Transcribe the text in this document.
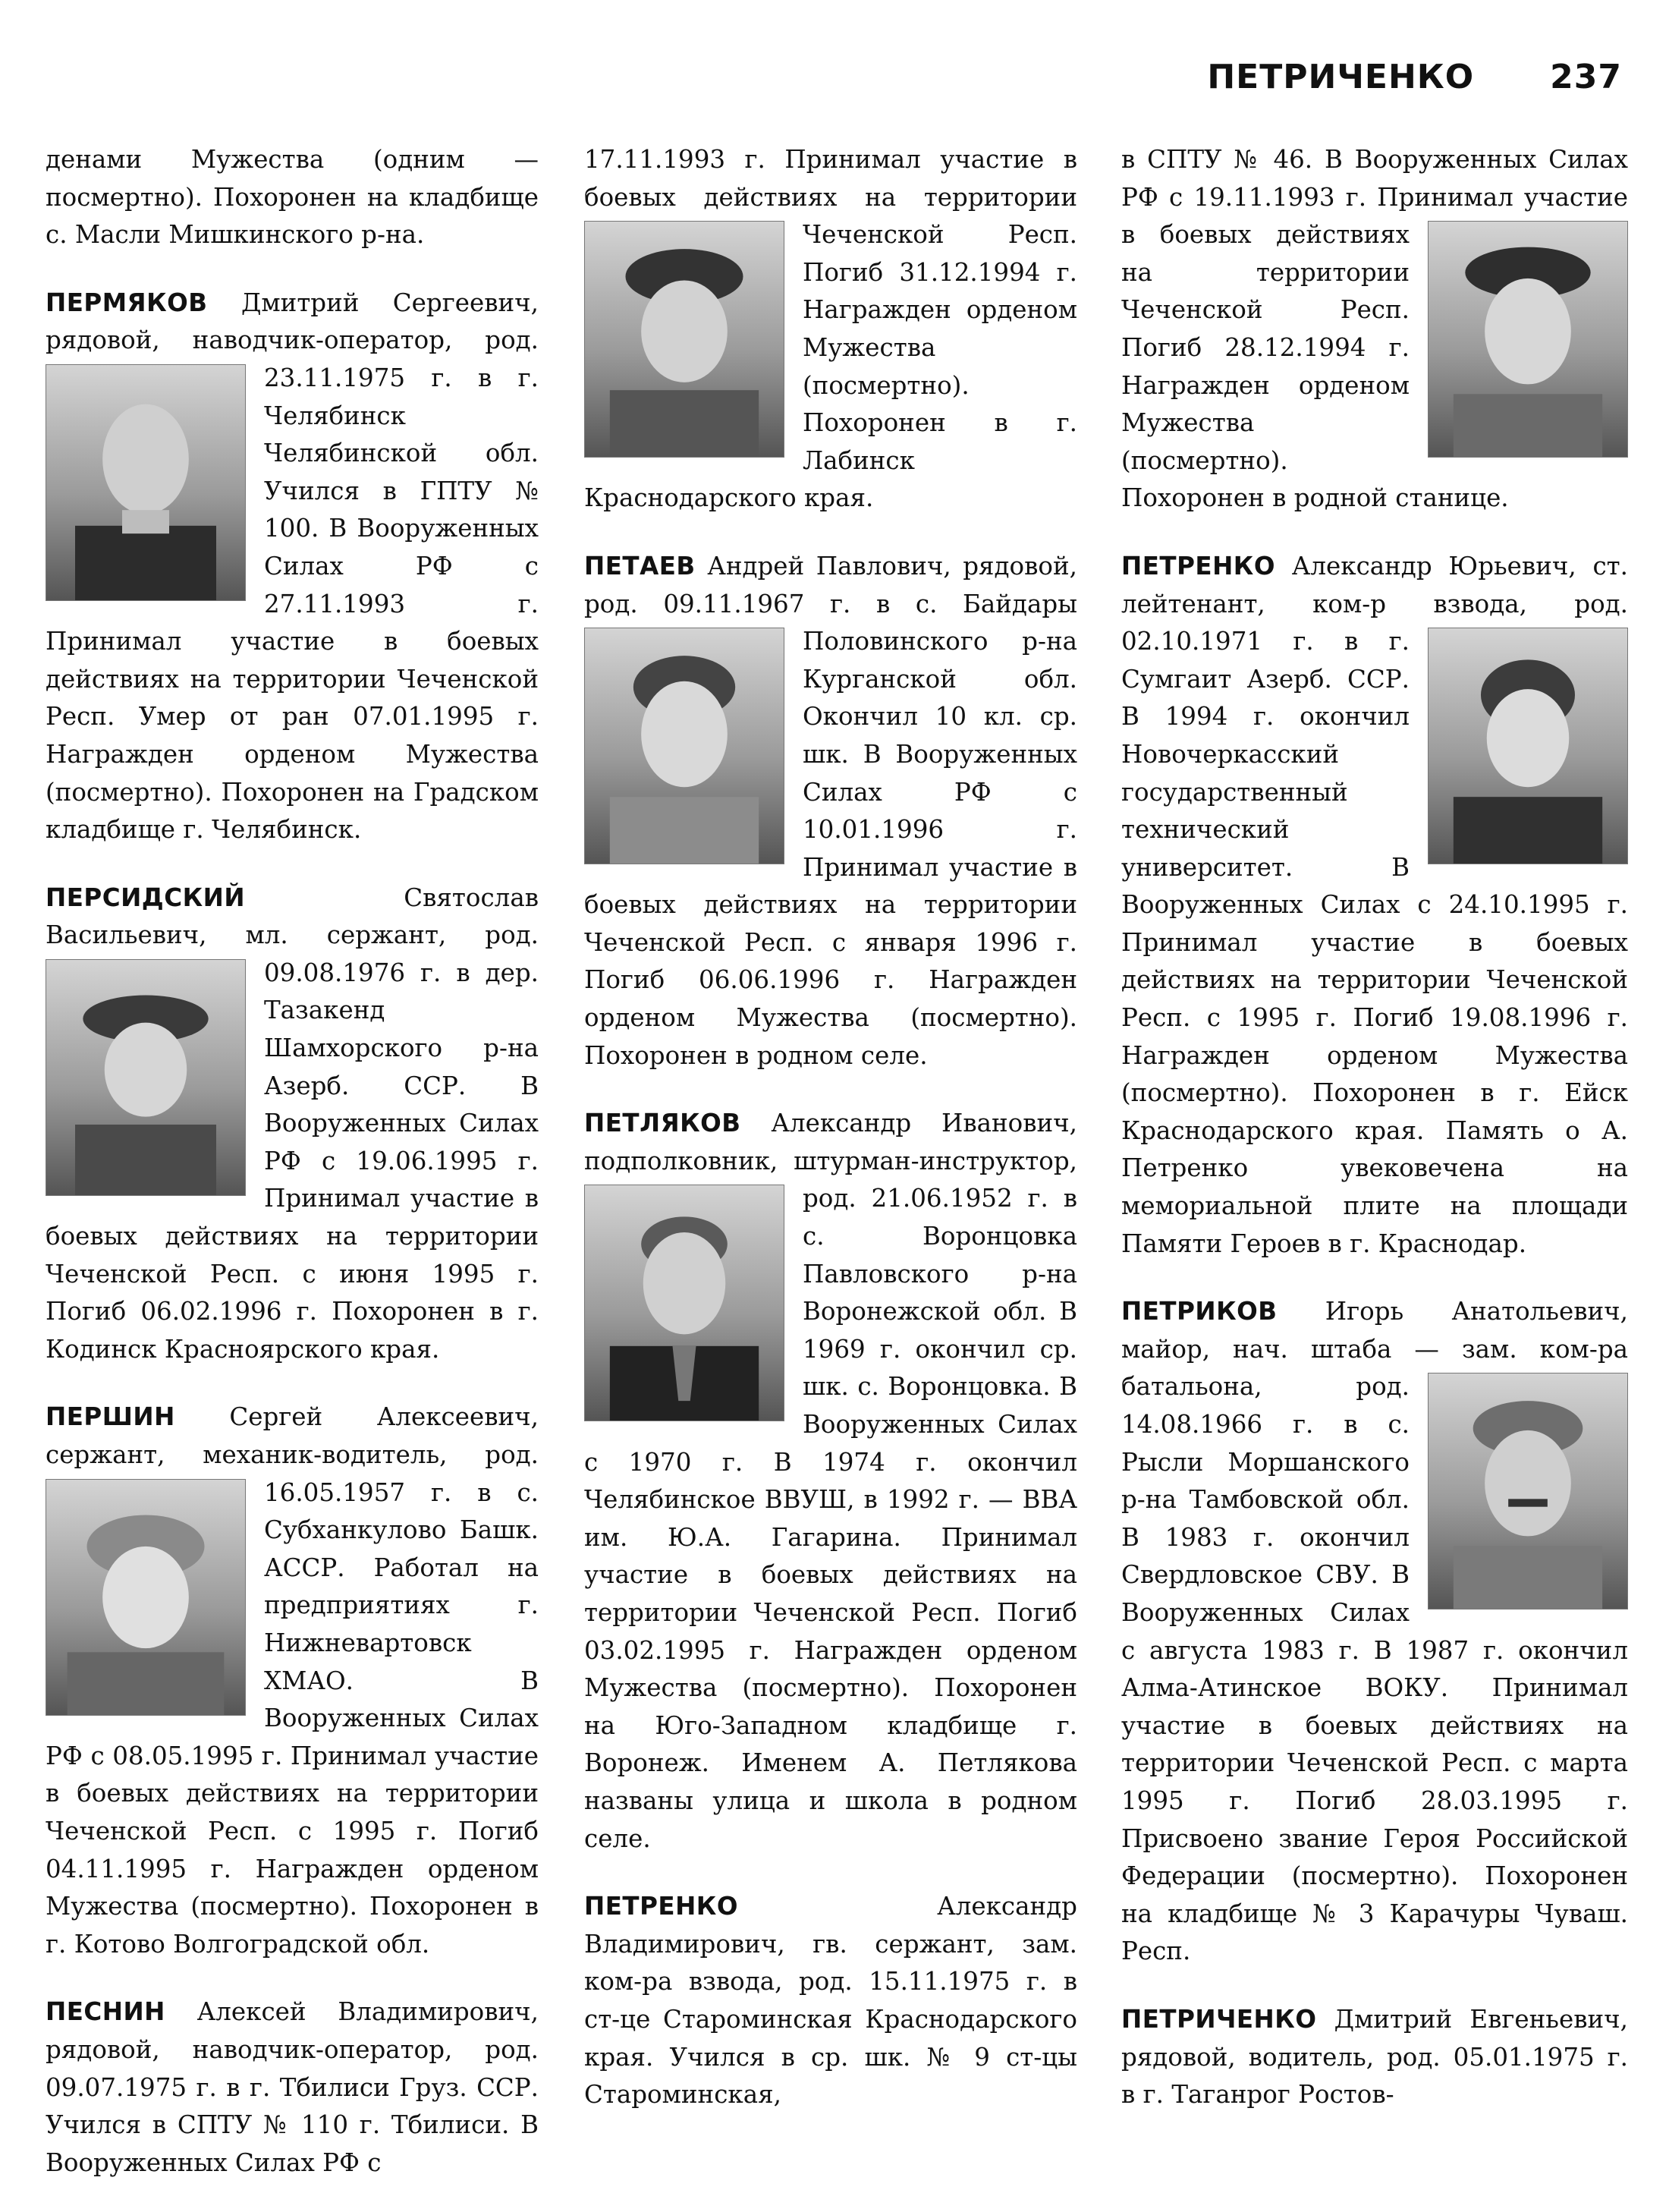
ПЕТРИЧЕНКО 237

денами Мужества (одним — посмертно). Похоронен на кладбище с. Масли Мишкинского р-на.

ПЕРМЯКОВ Дмитрий Сергеевич, рядовой, наводчик-оператор, род.
23.11.1975 г. в г. Челябинск Челябинской обл. Учился в ГПТУ № 100. В Вооруженных Силах РФ с 27.11.1993 г. Принимал участие в боевых действиях на территории Чеченской Респ. Умер от ран 07.01.1995 г. Награжден орденом Мужества (посмертно). Похоронен на Градском кладбище г. Челябинск.
ПЕРСИДСКИЙ	Святослав Васильевич, мл. сержант, род. 09.08.1976 г. в дер. Тазакенд Шамхорского р-на Азерб. ССР. В Вооруженных Силах РФ с 19.06.1995 г. Принимал участие в боевых действиях на территории Чеченской Респ. с июня 1995 г. Погиб 06.02.1996 г. Похоронен в г. Кодинск Красноярского края.
ПЕРШИН Сергей Алексеевич, сержант, механик-водитель, род.
16.05.1957 г. в с. Субханкулово Башк. АССР. Работал на предприятиях г. Нижневартовск ХМАО. В Вооруженных Силах РФ с 08.05.1995 г. Принимал участие в боевых действиях на территории Чеченской Респ. с 1995 г. Погиб 04.11.1995 г. Награжден орденом Мужества (посмертно). Похоронен в г. Котово Волгоградской обл.
ПЕСНИН Алексей Владимирович, рядовой, наводчик-оператор, род. 09.07.1975 г. в г. Тбилиси Груз. ССР. Учился в СПТУ № 110 г. Тбилиси. В Вооруженных Силах РФ с
17.11.1993 г. Принимал участие в боевых действиях на территории
Чеченской Респ. Погиб 31.12.1994 г. Награжден орденом Мужества (посмертно). Похоронен в г. Лабинск Краснодарского края.
ПЕТАЕВ Андрей Павлович, рядовой, род. 09.11.1967 г. в с. Байдары
Половинского р-на Курганской обл. Окончил 10 кл. ср. шк. В Вооруженных Силах РФ с 10.01.1996 г. Принимал участие в боевых действиях на территории Чеченской Респ. с января 1996 г. Погиб 06.06.1996 г. Награжден орденом Мужества (посмертно). Похоронен в родном селе.
ПЕТЛЯКОВ Александр Иванович, подполковник, штурман-инструктор,
род. 21.06.1952 г. в с. Воронцовка Павловского р-на Воронежской обл. В 1969 г. окончил ср. шк. с. Воронцовка. В Вооруженных Силах с 1970 г. В 1974 г. окончил Челябинское ВВУШ, в 1992 г. — ВВА им. Ю.А. Гагарина. Принимал участие в боевых действиях на территории Чеченской Респ. Погиб 03.02.1995 г. Награжден орденом Мужества (посмертно). Похоронен на Юго-Западном кладбище г. Воронеж. Именем А. Петлякова названы улица и школа в родном селе.
ПЕТРЕНКО	Александр Владимирович, гв. сержант, зам. ком-ра взвода, род. 15.11.1975 г. в ст-це Староминская Краснодарского края. Учился в ср. шк. № 9 ст-цы Староминская,
в СПТУ № 46. В Вооруженных Силах РФ с 19.11.1993 г. Принимал участие в боевых действиях на территории Чеченской Респ. Погиб 28.12.1994 г. Награжден орденом Мужества (посмертно). Похоронен в родной станице.
ПЕТРЕНКО Александр Юрьевич, ст. лейтенант, ком-р взвода, род.
02.10.1971 г. в г. Сумгаит Азерб. ССР. В 1994 г. окончил Новочеркасский государственный технический университет. В Вооруженных Силах с 24.10.1995 г. Принимал участие в боевых действиях на территории Чеченской Респ. с 1995 г. Погиб 19.08.1996 г. Награжден орденом Мужества (посмертно). Похоронен в г. Ейск Краснодарского края. Память о А. Петренко увековечена на мемориальной плите на площади Памяти Героев в г. Краснодар.
ПЕТРИКОВ Игорь Анатольевич, майор, нач. штаба — зам. ком-ра батальона,	род. 14.08.1966 г. в с. Рысли Моршанского р-на Тамбовской обл. В 1983 г. окончил Свердловское СВУ. В Вооруженных Силах с августа 1983 г. В 1987 г. окончил Алма-Атинское ВОКУ. Принимал участие в боевых действиях на территории Чеченской Респ. с марта 1995 г. Погиб 28.03.1995 г. Присвоено звание Героя Российской Федерации (посмертно). Похоронен на кладбище № 3 Карачуры Чуваш. Респ.
ПЕТРИЧЕНКО Дмитрий Евгеньевич, рядовой, водитель, род. 05.01.1975 г. в г. Таганрог Ростов-
